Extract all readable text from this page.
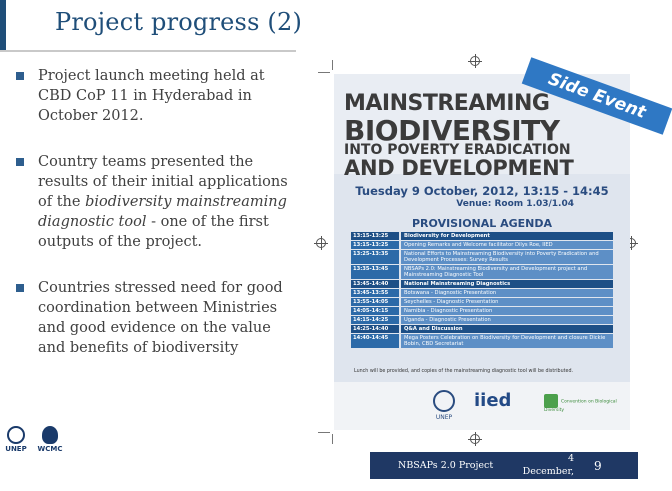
Project progress (2)
Project launch meeting held at CBD CoP 11 in Hyderabad in October 2012.
Country teams presented the results of their initial applications of the biodiversity mainstreaming diagnostic tool - one of the first outputs of the project.
Countries stressed need for good coordination between Ministries and good evidence on the value and benefits of biodiversity
Side Event
MAINSTREAMING
BIODIVERSITY
INTO POVERTY ERADICATION
AND DEVELOPMENT
Tuesday 9 October, 2012, 13:15 - 14:45
Venue: Room 1.03/1.04
PROVISIONAL AGENDA
13:15-13:25	Biodiversity for Development
13:15-13:25	Opening Remarks and Welcome facilitator Dilys Roe, IIED
13:25-13:35	National Efforts to Mainstreaming Biodiversity into Poverty Eradication and Development Processes: Survey Results
13:35-13:45	NBSAPs 2.0: Mainstreaming Biodiversity and Development project and Mainstreaming Diagnostic Tool
13:45-14:40	National Mainstreaming Diagnostics
13:45-13:55	Botswana - Diagnostic Presentation
13:55-14:05	Seychelles - Diagnostic Presentation
14:05-14:15	Namibia - Diagnostic Presentation
14:15-14:25	Uganda - Diagnostic Presentation
14:25-14:40	Q&A and Discussion
14:40-14:45	Mega Posters Celebration on Biodiversity for Development and closure Dickie Bobin, CBD Secretariat
Lunch will be provided, and copies of the mainstreaming diagnostic tool will be distributed.
UNEP
iied	Convention on Biological Diversity
UNEP	WCMC
NBSAPs 2.0 Project
4 December, 2013
9
